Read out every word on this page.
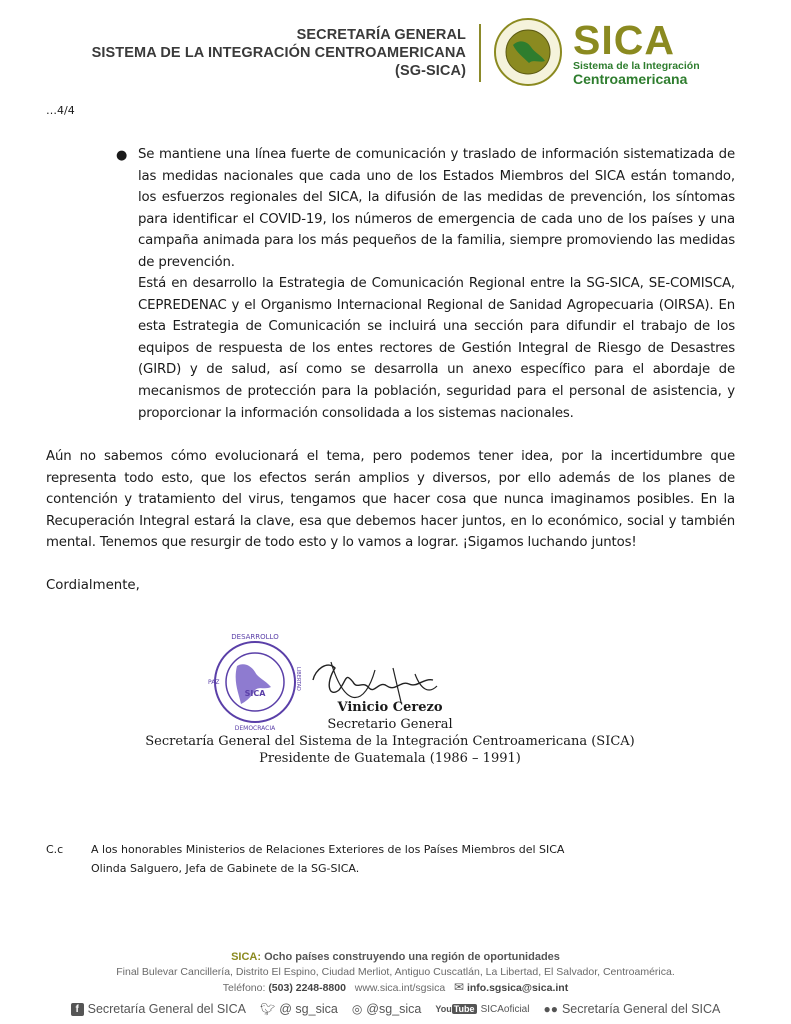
SECRETARÍA GENERAL
SISTEMA DE LA INTEGRACIÓN CENTROAMERICANA
(SG-SICA)
SICA
Sistema de la Integración
Centroamericana
…4/4
● Se mantiene una línea fuerte de comunicación y traslado de información sistematizada de las medidas nacionales que cada uno de los Estados Miembros del SICA están tomando, los esfuerzos regionales del SICA, la difusión de las medidas de prevención, los síntomas para identificar el COVID-19, los números de emergencia de cada uno de los países y una campaña animada para los más pequeños de la familia, siempre promoviendo las medidas de prevención.
Está en desarrollo la Estrategia de Comunicación Regional entre la SG-SICA, SE-COMISCA, CEPREDENAC y el Organismo Internacional Regional de Sanidad Agropecuaria (OIRSA). En esta Estrategia de Comunicación se incluirá una sección para difundir el trabajo de los equipos de respuesta de los entes rectores de Gestión Integral de Riesgo de Desastres (GIRD) y de salud, así como se desarrolla un anexo específico para el abordaje de mecanismos de protección para la población, seguridad para el personal de asistencia, y proporcionar la información consolidada a los sistemas nacionales.
Aún no sabemos cómo evolucionará el tema, pero podemos tener idea, por la incertidumbre que representa todo esto, que los efectos serán amplios y diversos, por ello además de los planes de contención y tratamiento del virus, tengamos que hacer cosa que nunca imaginamos posibles. En la Recuperación Integral estará la clave, esa que debemos hacer juntos, en lo económico, social y también mental. Tenemos que resurgir de todo esto y lo vamos a lograr. ¡Sigamos luchando juntos!
Cordialmente,
SICA
DESARROLLO
DEMOCRACIA
PAZ	LIBERTAD
Vinicio Cerezo
Secretario General
Secretaría General del Sistema de la Integración Centroamericana (SICA)
Presidente de Guatemala (1986 – 1991)
C.c	A los honorables Ministerios de Relaciones Exteriores de los Países Miembros del SICA
Olinda Salguero, Jefa de Gabinete de la SG-SICA.
SICA: Ocho países construyendo una región de oportunidades
Final Bulevar Cancillería, Distrito El Espino, Ciudad Merliot, Antiguo Cuscatlán, La Libertad, El Salvador, Centroamérica.
Teléfono: (503) 2248-8800 www.sica.int/sgsica ✉ info.sgsica@sica.int
f Secretaría General del SICA 🐦︎ @ sg_sica ◎ @sg_sica You Tube SICAoficial ●● Secretaría General del SICA
